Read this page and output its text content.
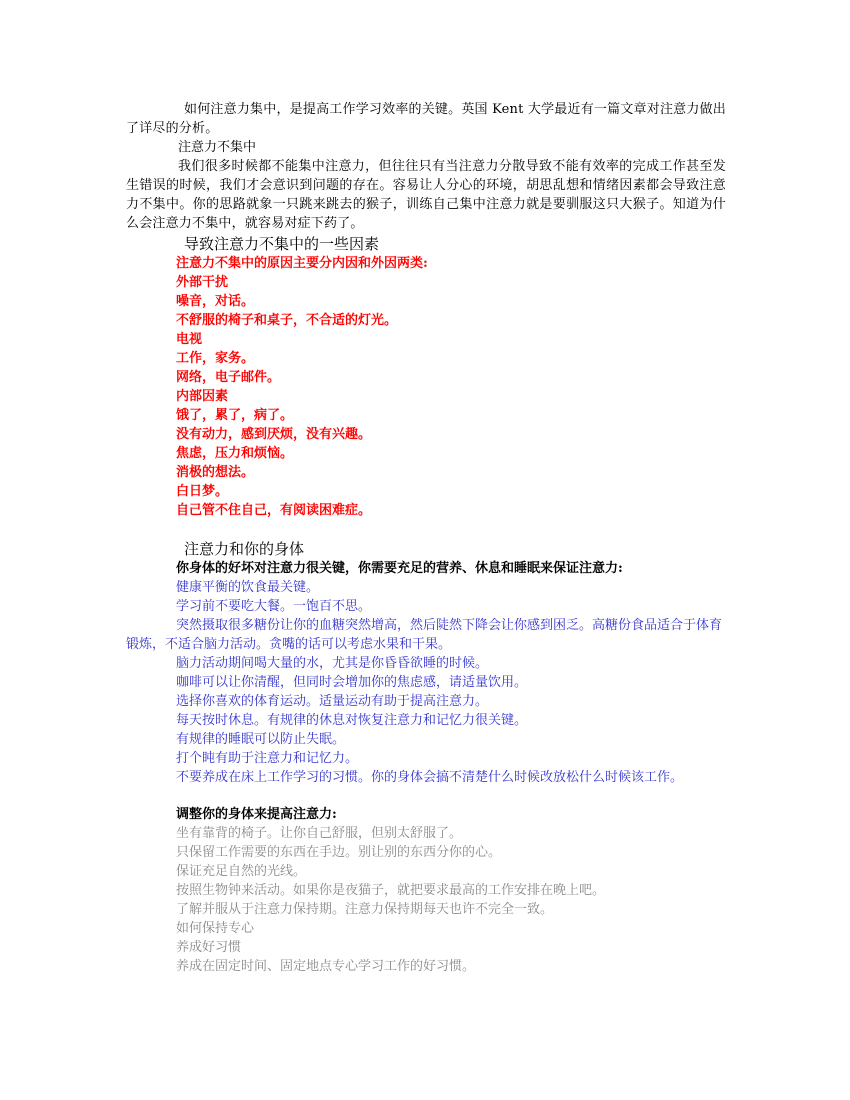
如何注意力集中，是提高工作学习效率的关键。英国 Kent 大学最近有一篇文章对注意力做出了详尽的分析。

注意力不集中

我们很多时候都不能集中注意力，但往往只有当注意力分散导致不能有效率的完成工作甚至发生错误的时候，我们才会意识到问题的存在。容易让人分心的环境，胡思乱想和情绪因素都会导致注意力不集中。你的思路就象一只跳来跳去的猴子，训练自己集中注意力就是要驯服这只大猴子。知道为什么会注意力不集中，就容易对症下药了。

导致注意力不集中的一些因素

注意力不集中的原因主要分内因和外因两类:

外部干扰

噪音，对话。

不舒服的椅子和桌子，不合适的灯光。

电视

工作，家务。

网络，电子邮件。

内部因素

饿了，累了，病了。

没有动力，感到厌烦，没有兴趣。

焦虑，压力和烦恼。

消极的想法。

白日梦。

自己管不住自己，有阅读困难症。

注意力和你的身体

你身体的好坏对注意力很关键，你需要充足的营养、休息和睡眠来保证注意力:

健康平衡的饮食最关键。

学习前不要吃大餐。一饱百不思。

突然摄取很多糖份让你的血糖突然增高，然后陡然下降会让你感到困乏。高糖份食品适合于体育锻炼，不适合脑力活动。贪嘴的话可以考虑水果和干果。

脑力活动期间喝大量的水，尤其是你昏昏欲睡的时候。

咖啡可以让你清醒，但同时会增加你的焦虑感，请适量饮用。

选择你喜欢的体育运动。适量运动有助于提高注意力。

每天按时休息。有规律的休息对恢复注意力和记忆力很关键。

有规律的睡眠可以防止失眠。

打个盹有助于注意力和记忆力。

不要养成在床上工作学习的习惯。你的身体会搞不清楚什么时候改放松什么时候该工作。

调整你的身体来提高注意力:

坐有靠背的椅子。让你自己舒服，但别太舒服了。

只保留工作需要的东西在手边。别让别的东西分你的心。

保证充足自然的光线。

按照生物钟来活动。如果你是夜猫子，就把要求最高的工作安排在晚上吧。

了解并服从于注意力保持期。注意力保持期每天也许不完全一致。

如何保持专心

养成好习惯

养成在固定时间、固定地点专心学习工作的好习惯。
